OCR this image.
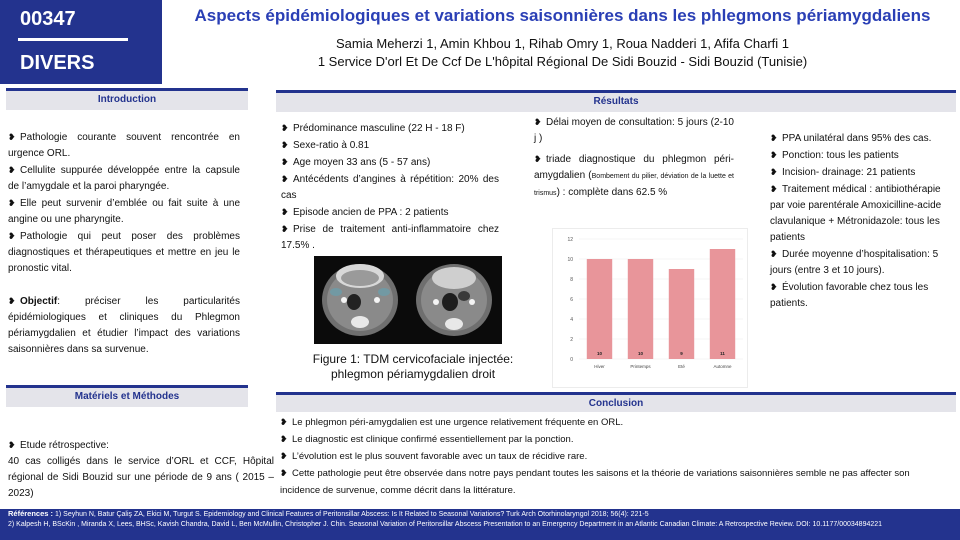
00347
DIVERS
Aspects épidémiologiques et variations saisonnières dans les phlegmons périamygdaliens
Samia Meherzi 1, Amin Khbou 1, Rihab Omry 1, Roua Nadderi 1, Afifa Charfi 1
1 Service D'orl Et De Ccf De L'hôpital Régional De Sidi Bouzid - Sidi Bouzid (Tunisie)
Introduction

❥ Pathologie courante souvent rencontrée en urgence ORL.

❥ Cellulite suppurée développée entre la capsule de l’amygdale et la paroi pharyngée.

❥ Elle peut survenir d’emblée ou fait suite à une angine ou une pharyngite.

❥ Pathologie qui peut poser des problèmes diagnostiques et thérapeutiques et mettre en jeu le pronostic vital.

❥ Objectif: préciser les particularités épidémiologiques et cliniques du Phlegmon périamygdalien et étudier l’impact des variations saisonnières dans sa survenue.

Matériels et Méthodes

❥ Etude rétrospective:

40 cas colligés dans le service d’ORL et CCF, Hôpital régional de Sidi Bouzid sur une période de 9 ans ( 2015 – 2023)

Résultats

❥ Prédominance masculine (22 H - 18 F)

❥ Sexe-ratio à 0.81

❥ Age moyen 33 ans (5 - 57 ans)

❥ Antécédents d’angines à répétition: 20% des cas

❥ Episode ancien de PPA : 2 patients

❥ Prise de traitement anti-inflammatoire chez 17.5% .

❥ Délai moyen de consultation: 5 jours (2-10 j )

❥ triade diagnostique du phlegmon péri-amygdalien (Bombement du pilier, déviation de la luette et trismus) : complète dans 62.5 %

❥ PPA unilatéral dans 95% des cas.

❥ Ponction: tous les patients

❥ Incision- drainage: 21 patients

❥ Traitement médical : antibiothérapie par voie parentérale Amoxicilline-acide clavulanique + Métronidazole: tous les patients

❥ Durée moyenne d’hospitalisation: 5 jours (entre 3 et 10 jours).

❥ Évolution favorable chez tous les patients.

Figure 1: TDM cervicofaciale injectée: phlegmon périamygdalien droit
0
2
4
6
8
10
12
10
Hiver
10
Printemps
9
Eté
11
Automne
Conclusion

❥ Le phlegmon péri-amygdalien est une urgence relativement fréquente en ORL.

❥ Le diagnostic est clinique confirmé essentiellement par la ponction.

❥ L’évolution est le plus souvent favorable avec un taux de récidive rare.

❥ Cette pathologie peut être observée dans notre pays pendant toutes les saisons et la théorie de variations saisonnières semble ne pas affecter son incidence de survenue, comme décrit dans la littérature.

Références : 1) Seyhun N, Batur Çaliş ZA, Ekici M, Turgut S. Epidemiology and Clinical Features of Peritonsillar Abscess: Is It Related to Seasonal Variations? Turk Arch Otorhinolaryngol 2018; 56(4): 221-5
2) Kalpesh H, BScKin , Miranda X, Lees, BHSc, Kavish Chandra, David L, Ben McMullin, Christopher J. Chin. Seasonal Variation of Peritonsillar Abscess Presentation to an Emergency Department in an Atlantic Canadian Climate: A Retrospective Review. DOI: 10.1177/00034894221
